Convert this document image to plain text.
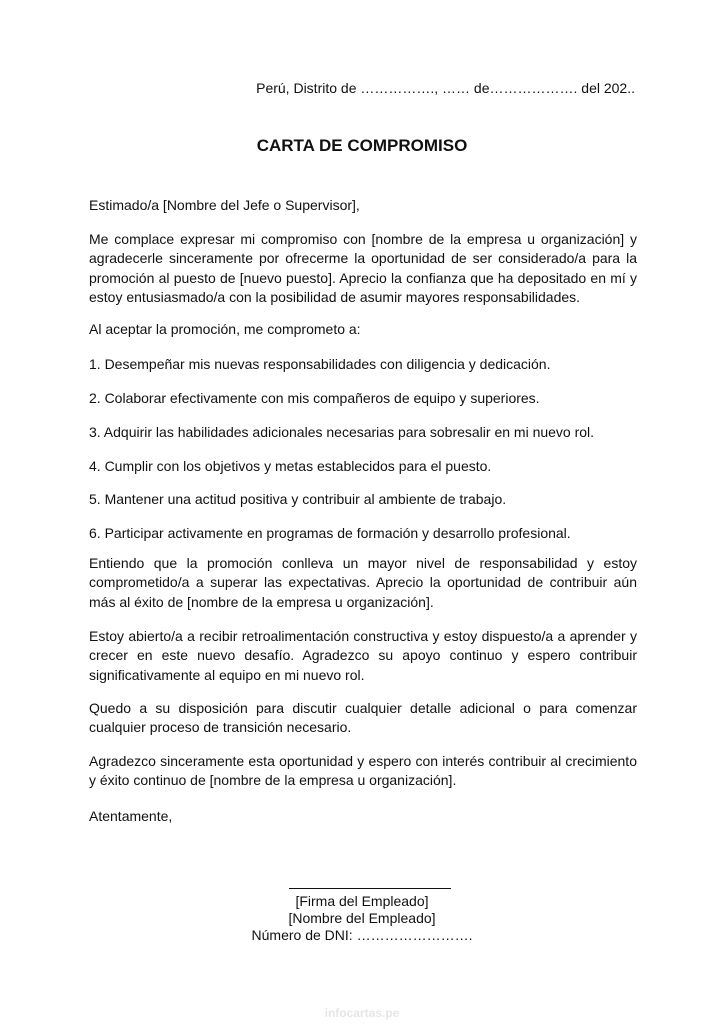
Perú, Distrito de ……………., …… de………………. del 202..
CARTA DE COMPROMISO

Estimado/a [Nombre del Jefe o Supervisor],

Me complace expresar mi compromiso con [nombre de la empresa u organización] y agradecerle sinceramente por ofrecerme la oportunidad de ser considerado/a para la promoción al puesto de [nuevo puesto]. Aprecio la confianza que ha depositado en mí y estoy entusiasmado/a con la posibilidad de asumir mayores responsabilidades.

Al aceptar la promoción, me comprometo a:

1. Desempeñar mis nuevas responsabilidades con diligencia y dedicación.

2. Colaborar efectivamente con mis compañeros de equipo y superiores.

3. Adquirir las habilidades adicionales necesarias para sobresalir en mi nuevo rol.

4. Cumplir con los objetivos y metas establecidos para el puesto.

5. Mantener una actitud positiva y contribuir al ambiente de trabajo.

6. Participar activamente en programas de formación y desarrollo profesional.

Entiendo que la promoción conlleva un mayor nivel de responsabilidad y estoy comprometido/a a superar las expectativas. Aprecio la oportunidad de contribuir aún más al éxito de [nombre de la empresa u organización].

Estoy abierto/a a recibir retroalimentación constructiva y estoy dispuesto/a a aprender y crecer en este nuevo desafío. Agradezco su apoyo continuo y espero contribuir significativamente al equipo en mi nuevo rol.

Quedo a su disposición para discutir cualquier detalle adicional o para comenzar cualquier proceso de transición necesario.

Agradezco sinceramente esta oportunidad y espero con interés contribuir al crecimiento y éxito continuo de [nombre de la empresa u organización].

Atentamente,

[Firma del Empleado]
[Nombre del Empleado]
Número de DNI: …………………….
infocartas.pe
